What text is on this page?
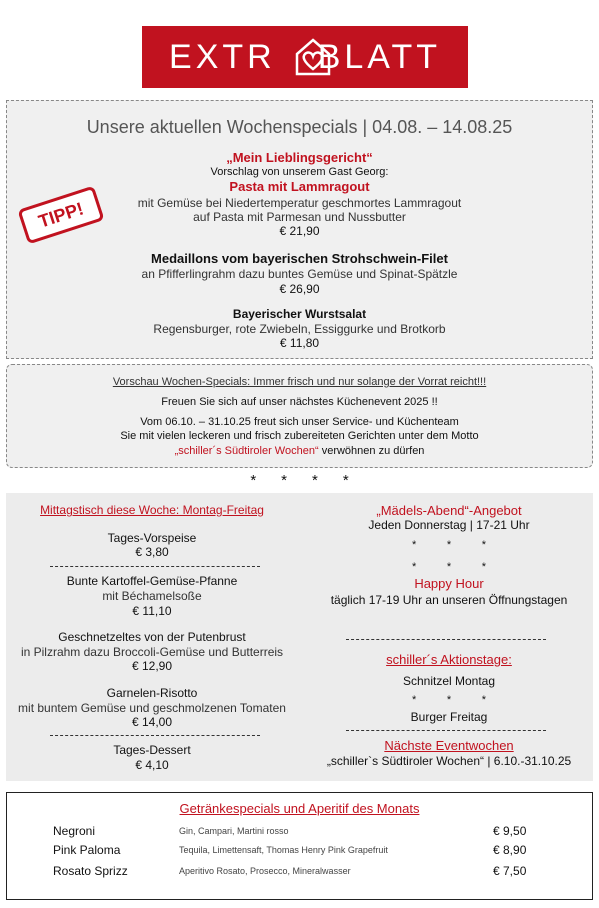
EXTR BLATT
Unsere aktuellen Wochenspecials | 04.08. – 14.08.25
„Mein Lieblingsgericht“
Vorschlag von unserem Gast Georg:
Pasta mit Lammragout
mit Gemüse bei Niedertemperatur geschmortes Lammragout
auf Pasta mit Parmesan und Nussbutter
€ 21,90
TIPP!
Medaillons vom bayerischen Strohschwein-Filet
an Pfifferlingrahm dazu buntes Gemüse und Spinat-Spätzle
€ 26,90
Bayerischer Wurstsalat
Regensburger, rote Zwiebeln, Essiggurke und Brotkorb
€ 11,80
Vorschau Wochen-Specials: Immer frisch und nur solange der Vorrat reicht!!!
Freuen Sie sich auf unser nächstes Küchenevent 2025 !!
Vom 06.10. – 31.10.25 freut sich unser Service- und Küchenteam
Sie mit vielen leckeren und frisch zubereiteten Gerichten unter dem Motto
„schiller´s Südtiroler Wochen“ verwöhnen zu dürfen
*      *      *      *
Mittagstisch diese Woche: Montag-Freitag
Tages-Vorspeise
€ 3,80
Bunte Kartoffel-Gemüse-Pfanne
mit Béchamelsoße
€ 11,10
Geschnetzeltes von der Putenbrust
in Pilzrahm dazu Broccoli-Gemüse und Butterreis
€ 12,90
Garnelen-Risotto
mit buntem Gemüse und geschmolzenen Tomaten
€ 14,00
Tages-Dessert
€ 4,10
„Mädels-Abend“-Angebot
Jeden Donnerstag | 17-21 Uhr
*          *          *
*          *          *
Happy Hour
täglich 17-19 Uhr an unseren Öffnungstagen
schiller´s Aktionstage:
Schnitzel Montag
*          *          *
Burger Freitag
Nächste Eventwochen
„schiller`s Südtiroler Wochen“ | 6.10.-31.10.25
Getränkespecials und Aperitif des Monats
Negroni	Gin, Campari, Martini rosso	€ 9,50
Pink Paloma	Tequila, Limettensaft, Thomas Henry Pink Grapefruit	€ 8,90
Rosato Sprizz	Aperitivo Rosato, Prosecco, Mineralwasser	€ 7,50
